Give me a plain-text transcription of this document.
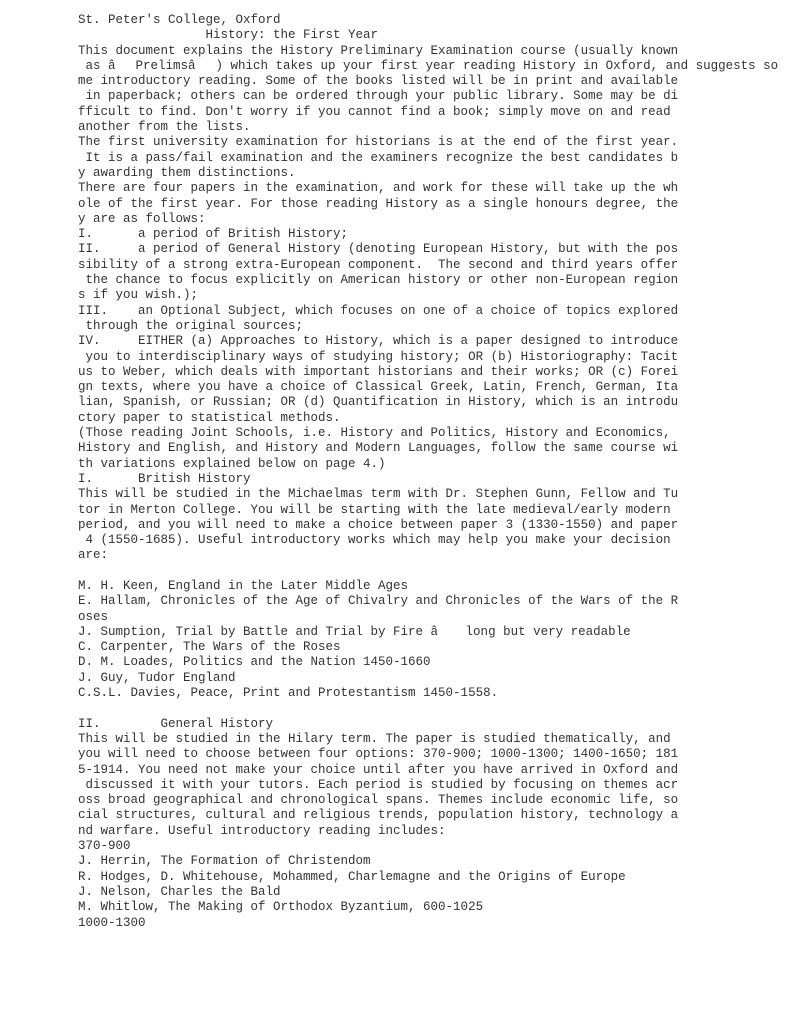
St. Peter's College, Oxford
History: the First Year
This document explains the History Preliminary Examination course (usually known
as âPrelimsâ) which takes up your first year reading History in Oxford, and suggests so
me introductory reading. Some of the books listed will be in print and available
in paperback; others can be ordered through your public library. Some may be di
fficult to find. Don't worry if you cannot find a book; simply move on and read
another from the lists.
The first university examination for historians is at the end of the first year.
It is a pass/fail examination and the examiners recognize the best candidates b
y awarding them distinctions.
There are four papers in the examination, and work for these will take up the wh
ole of the first year. For those reading History as a single honours degree, the
y are as follows:
I.      a period of British History;
II.     a period of General History (denoting European History, but with the pos
sibility of a strong extra-European component.  The second and third years offer
the chance to focus explicitly on American history or other non-European region
s if you wish.);
III.    an Optional Subject, which focuses on one of a choice of topics explored
through the original sources;
IV.     EITHER (a) Approaches to History, which is a paper designed to introduce
you to interdisciplinary ways of studying history; OR (b) Historiography: Tacit
us to Weber, which deals with important historians and their works; OR (c) Forei
gn texts, where you have a choice of Classical Greek, Latin, French, German, Ita
lian, Spanish, or Russian; OR (d) Quantification in History, which is an introdu
ctory paper to statistical methods.
(Those reading Joint Schools, i.e. History and Politics, History and Economics,
History and English, and History and Modern Languages, follow the same course wi
th variations explained below on page 4.)
I.      British History
This will be studied in the Michaelmas term with Dr. Stephen Gunn, Fellow and Tu
tor in Merton College. You will be starting with the late medieval/early modern
period, and you will need to make a choice between paper 3 (1330-1550) and paper
4 (1550-1685). Useful introductory works which may help you make your decision
are:
M. H. Keen, England in the Later Middle Ages
E. Hallam, Chronicles of the Age of Chivalry and Chronicles of the Wars of the R
oses
J. Sumption, Trial by Battle and Trial by Fire â long but very readable
C. Carpenter, The Wars of the Roses
D. M. Loades, Politics and the Nation 1450-1660
J. Guy, Tudor England
C.S.L. Davies, Peace, Print and Protestantism 1450-1558.
II.        General History
This will be studied in the Hilary term. The paper is studied thematically, and
you will need to choose between four options: 370-900; 1000-1300; 1400-1650; 181
5-1914. You need not make your choice until after you have arrived in Oxford and
discussed it with your tutors. Each period is studied by focusing on themes acr
oss broad geographical and chronological spans. Themes include economic life, so
cial structures, cultural and religious trends, population history, technology a
nd warfare. Useful introductory reading includes:
370-900
J. Herrin, The Formation of Christendom
R. Hodges, D. Whitehouse, Mohammed, Charlemagne and the Origins of Europe
J. Nelson, Charles the Bald
M. Whitlow, The Making of Orthodox Byzantium, 600-1025
1000-1300
